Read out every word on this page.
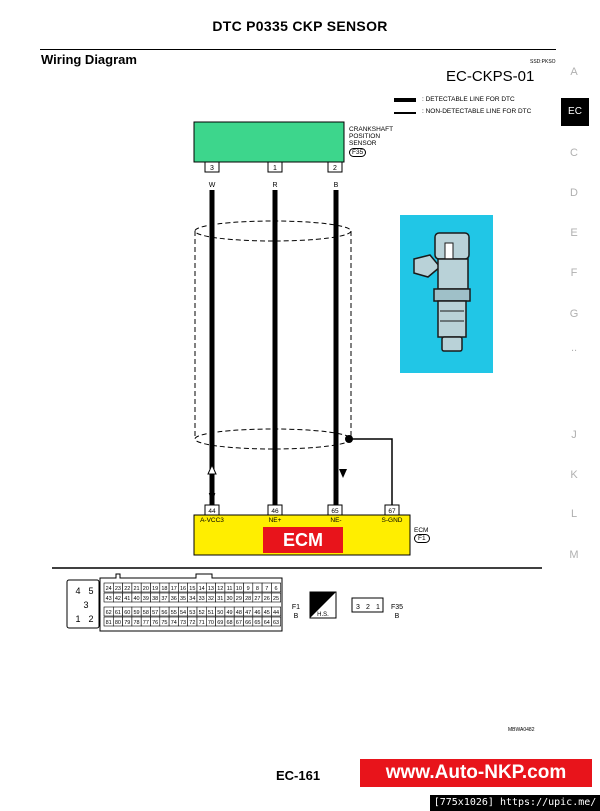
DTC P0335 CKP SENSOR
Wiring Diagram	SSD:PKSO
EC-CKPS-01
: DETECTABLE LINE FOR DTC
: NON-DETECTABLE LINE FOR DTC
A
EC
C
D
E
F
G
..
J
K
L
M
W	R	B
W	R	B
3	1	2
44	46	65	67
A-VCC3	NE+	NE-	S-GND
4 5
3
1 2
F1
B	H.S.
3 2 1 F35
B
24 23 22 21 20 19 18 17 16 15 14 13 12 11 10 9 8 7 6
43 42 41 40 39 38 37 36 35 34 33 32 31 30 29 28 27 26 25
62 61 60 59 58 57 56 55 54 53 52 51 50 49 48 47 46 45 44
81 80 79 78 77 76 75 74 73 72 71 70 69 68 67 66 65 64 63
CRANKSHAFT
POSITION
SENSOR
F35
ECM	ECM
F1
MBWA0482
EC-161	www.Auto-NKP.com
[775x1026] https://upic.me/
